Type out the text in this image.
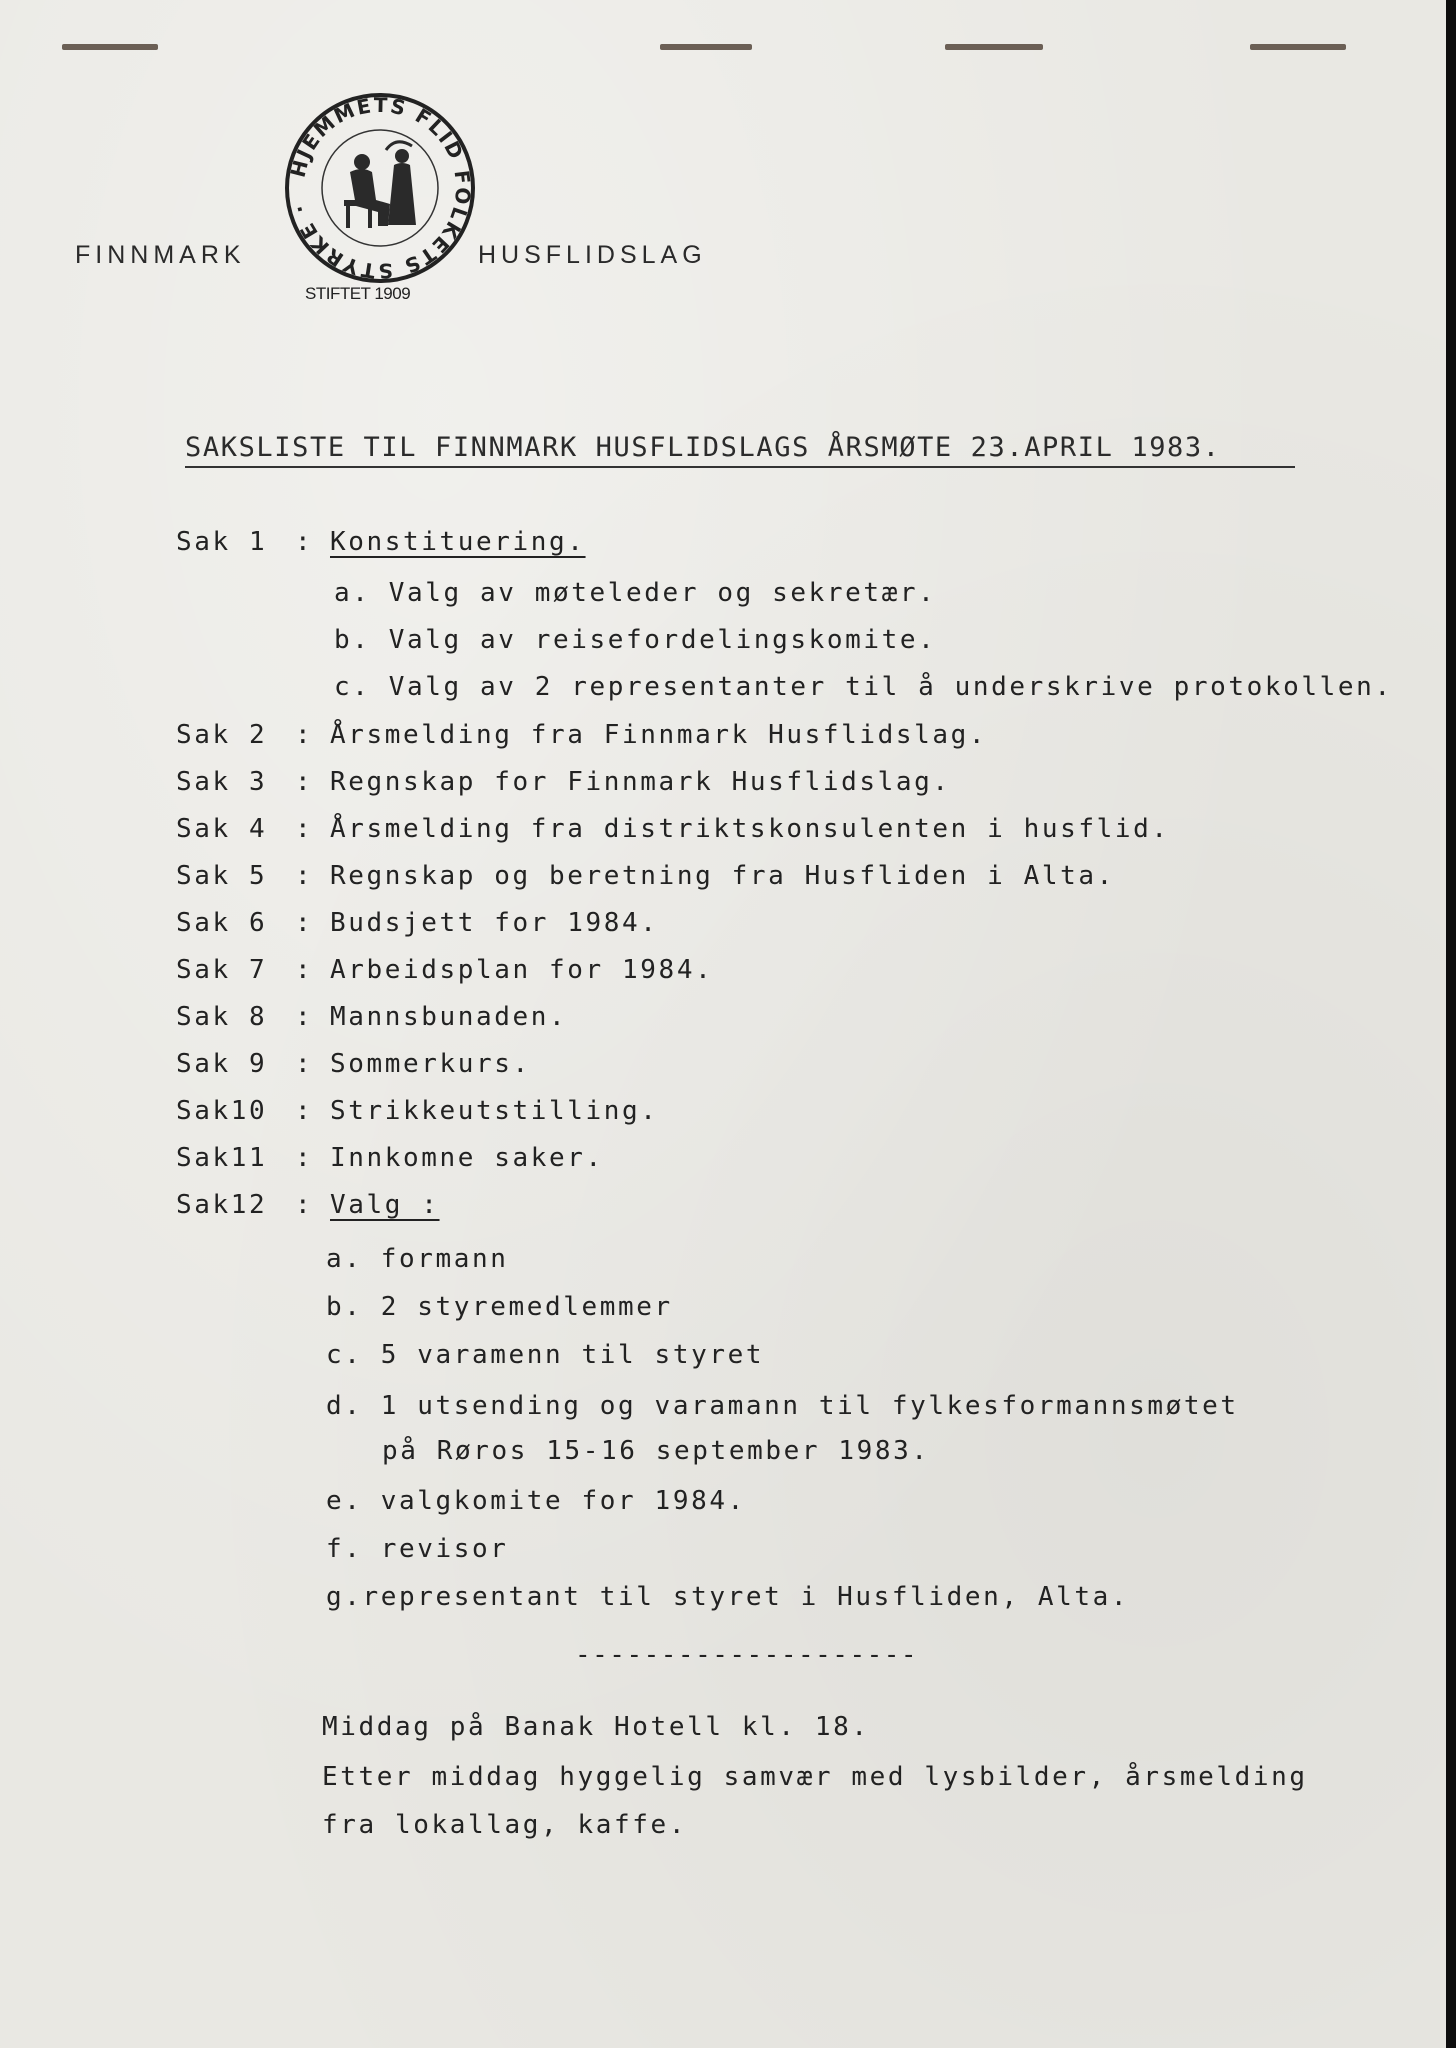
HJEMMETS FLID FOLKETS STYRKE ·
FINNMARK	HUSFLIDSLAG
STIFTET 1909
SAKSLISTE TIL FINNMARK HUSFLIDSLAGS ÅRSMØTE 23.APRIL 1983.
Sak 1 : Konstituering.
a. Valg av møteleder og sekretær.
b. Valg av reisefordelingskomite.
c. Valg av 2 representanter til å underskrive protokollen.
Sak 2 : Årsmelding fra Finnmark Husflidslag.
Sak 3 : Regnskap for Finnmark Husflidslag.
Sak 4 : Årsmelding fra distriktskonsulenten i husflid.
Sak 5 : Regnskap og beretning fra Husfliden i Alta.
Sak 6 : Budsjett for 1984.
Sak 7 : Arbeidsplan for 1984.
Sak 8 : Mannsbunaden.
Sak 9 : Sommerkurs.
Sak10 : Strikkeutstilling.
Sak11 : Innkomne saker.
Sak12 : Valg :
a. formann
b. 2 styremedlemmer
c. 5 varamenn til styret
d. 1 utsending og varamann til fylkesformannsmøtet
på Røros 15-16 september 1983.
e. valgkomite for 1984.
f. revisor
g.representant til styret i Husfliden, Alta.
--------------------
Middag på Banak Hotell kl. 18.
Etter middag hyggelig samvær med lysbilder, årsmelding
fra lokallag, kaffe.
